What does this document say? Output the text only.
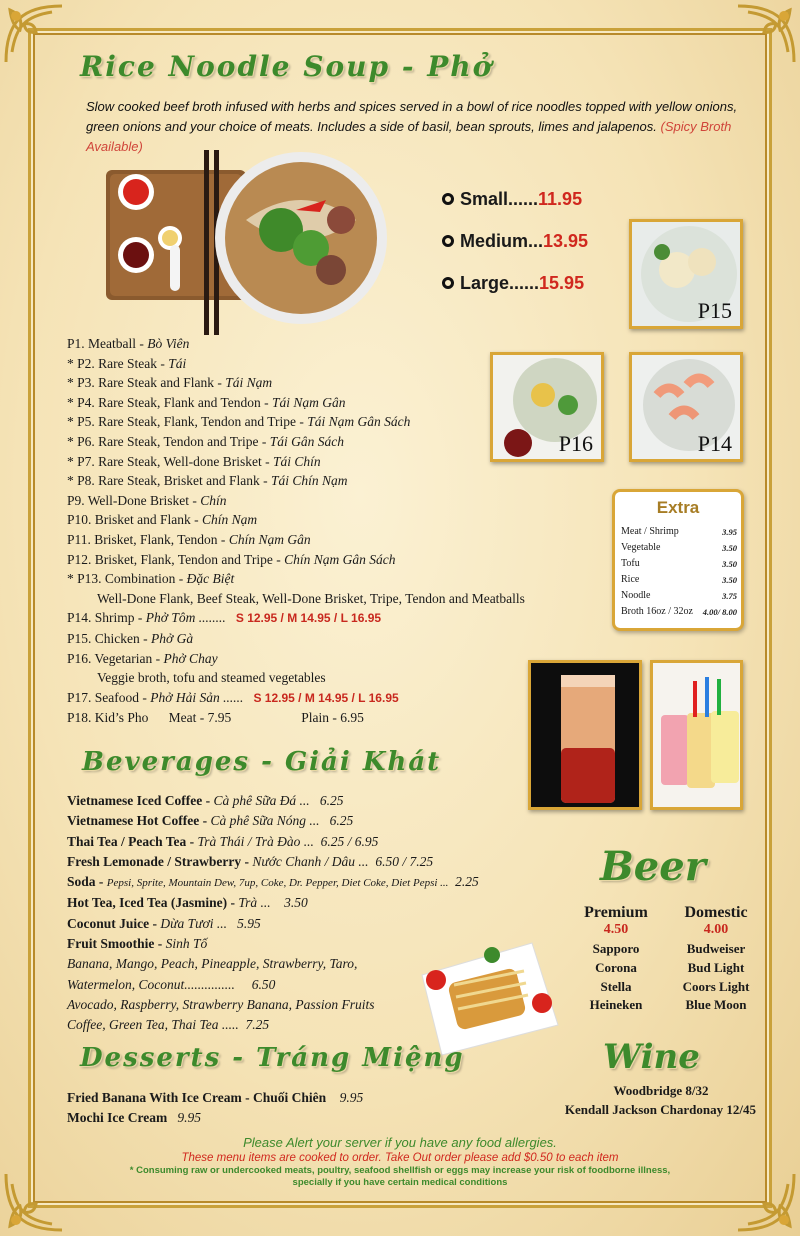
Rice Noodle Soup - Phở
Slow cooked beef broth infused with herbs and spices served in a bowl of rice noodles topped with yellow onions, green onions and your choice of meats. Includes a side of basil, bean sprouts, limes and jalapenos. (Spicy Broth Available)
Small...... 11.95
Medium... 13.95
Large...... 15.95
P15
P16	P14
P1. Meatball - Bò Viên
* P2. Rare Steak - Tái
* P3. Rare Steak and Flank - Tái Nạm
* P4. Rare Steak, Flank and Tendon - Tái Nạm Gân
* P5. Rare Steak, Flank, Tendon and Tripe - Tái Nạm Gân Sách
* P6. Rare Steak, Tendon and Tripe - Tái Gân Sách
* P7. Rare Steak, Well-done Brisket - Tái Chín
* P8. Rare Steak, Brisket and Flank - Tái Chín Nạm
P9. Well-Done Brisket - Chín
P10. Brisket and Flank - Chín Nạm
P11. Brisket, Flank, Tendon - Chín Nạm Gân
P12. Brisket, Flank, Tendon and Tripe - Chín Nạm Gân Sách
* P13. Combination - Đặc Biệt
Well-Done Flank, Beef Steak, Well-Done Brisket, Tripe, Tendon and Meatballs
P14. Shrimp - Phở Tôm ........ S 12.95 / M 14.95 / L 16.95
P15. Chicken - Phở Gà
P16. Vegetarian - Phở Chay
Veggie broth, tofu and steamed vegetables
P17. Seafood - Phở Hải Sản ...... S 12.95 / M 14.95 / L 16.95
P18. Kid’s Pho Meat - 7.95	Plain - 6.95
Extra
Meat / Shrimp	3.95
Vegetable	3.50
Tofu	3.50
Rice	3.50
Noodle	3.75
Broth 16oz / 32oz 4.00/ 8.00
Beverages - Giải Khát
Vietnamese Iced Coffee - Cà phê Sữa Đá ... 6.25
Vietnamese Hot Coffee - Cà phê Sữa Nóng ... 6.25
Thai Tea / Peach Tea - Trà Thái / Trà Đào ... 6.25 / 6.95
Fresh Lemonade / Strawberry - Nước Chanh / Dâu ... 6.50 / 7.25
Soda - Pepsi, Sprite, Mountain Dew, 7up, Coke, Dr. Pepper, Diet Coke, Diet Pepsi ... 2.25
Hot Tea, Iced Tea (Jasmine) - Trà ... 3.50
Coconut Juice - Dừa Tươi ... 5.95
Fruit Smoothie - Sinh Tố
Banana, Mango, Peach, Pineapple, Strawberry, Taro,
Watermelon, Coconut............... 6.50
Avocado, Raspberry, Strawberry Banana, Passion Fruits
Coffee, Green Tea, Thai Tea ..... 7.25
Beer
Premium
4.50
Sapporo
Corona
Stella
Heineken
Domestic
4.00
Budweiser
Bud Light
Coors Light
Blue Moon
Desserts - Tráng Miệng
Fried Banana With Ice Cream - Chuối Chiên 9.95
Mochi Ice Cream 9.95
Wine
Woodbridge 8/32
Kendall Jackson Chardonay 12/45
Please Alert your server if you have any food allergies.
These menu items are cooked to order. Take Out order please add $0.50 to each item
* Consuming raw or undercooked meats, poultry, seafood shellfish or eggs may increase your risk of foodborne illness,
specially if you have certain medical conditions
